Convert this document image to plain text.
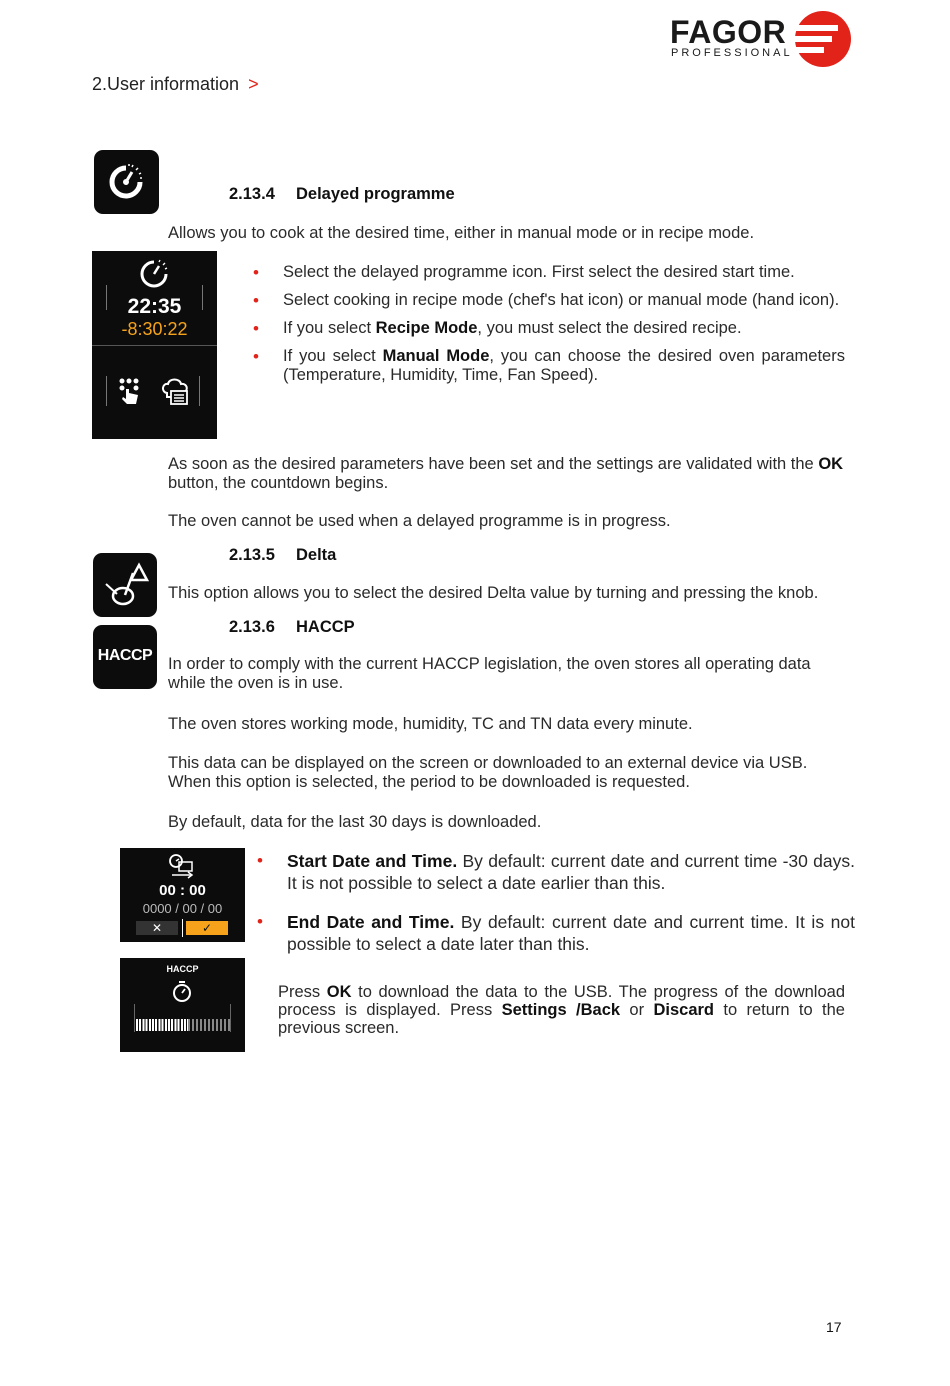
FAGOR
PROFESSIONAL
2.User information >
2.13.4 Delayed programme
Allows you to cook at the desired time, either in manual mode or in recipe mode.
22:35
-8:30:22
• Select the delayed programme icon. First select the desired start time.
• Select cooking in recipe mode (chef's hat icon) or manual mode (hand icon).
• If you select Recipe Mode, you must select the desired recipe.
• If you select Manual Mode, you can choose the desired oven parameters (Temperature, Humidity, Time, Fan Speed).
As soon as the desired parameters have been set and the settings are validated with the OK button, the countdown begins.
The oven cannot be used when a delayed programme is in progress.
2.13.5 Delta
This option allows you to select the desired Delta value by turning and pressing the knob.
HACCP
2.13.6 HACCP
In order to comply with the current HACCP legislation, the oven stores all operating data while the oven is in use.
The oven stores working mode, humidity, TC and TN data every minute.
This data can be displayed on the screen or downloaded to an external device via USB. When this option is selected, the period to be downloaded is requested.
By default, data for the last 30 days is downloaded.
00 : 00
0000 / 00 / 00
✕	✓
• Start Date and Time. By default: current date and current time -30 days. It is not possible to select a date earlier than this.
• End Date and Time. By default: current date and current time. It is not possible to select a date later than this.
HACCP
Press OK to download the data to the USB. The progress of the download process is displayed. Press Settings /Back or Discard to return to the previous screen.
17
